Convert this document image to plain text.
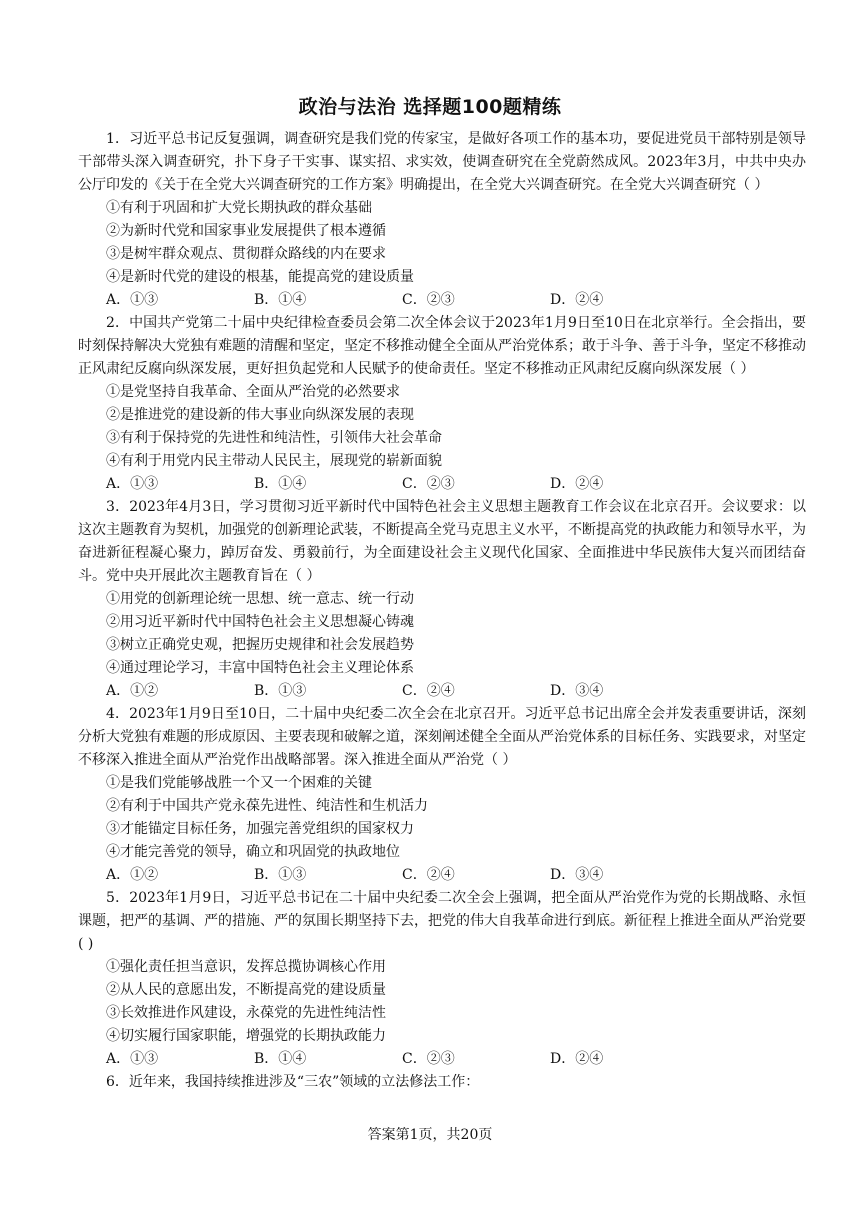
政治与法治 选择题100题精练

1．习近平总书记反复强调，调查研究是我们党的传家宝，是做好各项工作的基本功，要促进党员干部特别是领导干部带头深入调查研究，扑下身子干实事、谋实招、求实效，使调查研究在全党蔚然成风。2023年3月，中共中央办公厅印发的《关于在全党大兴调查研究的工作方案》明确提出，在全党大兴调查研究。在全党大兴调查研究（ ）

①有利于巩固和扩大党长期执政的群众基础

②为新时代党和国家事业发展提供了根本遵循

③是树牢群众观点、贯彻群众路线的内在要求

④是新时代党的建设的根基，能提高党的建设质量

A．①③	B．①④	C．②③	D．②④

2．中国共产党第二十届中央纪律检查委员会第二次全体会议于2023年1月9日至10日在北京举行。全会指出，要时刻保持解决大党独有难题的清醒和坚定，坚定不移推动健全全面从严治党体系；敢于斗争、善于斗争，坚定不移推动正风肃纪反腐向纵深发展，更好担负起党和人民赋予的使命责任。坚定不移推动正风肃纪反腐向纵深发展（ ）

①是党坚持自我革命、全面从严治党的必然要求

②是推进党的建设新的伟大事业向纵深发展的表现

③有利于保持党的先进性和纯洁性，引领伟大社会革命

④有利于用党内民主带动人民民主，展现党的崭新面貌

A．①③	B．①④	C．②③	D．②④

3．2023年4月3日，学习贯彻习近平新时代中国特色社会主义思想主题教育工作会议在北京召开。会议要求：以这次主题教育为契机，加强党的创新理论武装，不断提高全党马克思主义水平，不断提高党的执政能力和领导水平，为奋进新征程凝心聚力，踔厉奋发、勇毅前行，为全面建设社会主义现代化国家、全面推进中华民族伟大复兴而团结奋斗。党中央开展此次主题教育旨在（ ）

①用党的创新理论统一思想、统一意志、统一行动

②用习近平新时代中国特色社会主义思想凝心铸魂

③树立正确党史观，把握历史规律和社会发展趋势

④通过理论学习，丰富中国特色社会主义理论体系

A．①②	B．①③	C．②④	D．③④

4．2023年1月9日至10日，二十届中央纪委二次全会在北京召开。习近平总书记出席全会并发表重要讲话，深刻分析大党独有难题的形成原因、主要表现和破解之道，深刻阐述健全全面从严治党体系的目标任务、实践要求，对坚定不移深入推进全面从严治党作出战略部署。深入推进全面从严治党（ ）

①是我们党能够战胜一个又一个困难的关键

②有利于中国共产党永葆先进性、纯洁性和生机活力

③才能锚定目标任务，加强完善党组织的国家权力

④才能完善党的领导，确立和巩固党的执政地位

A．①②	B．①③	C．②④	D．③④

5．2023年1月9日，习近平总书记在二十届中央纪委二次全会上强调，把全面从严治党作为党的长期战略、永恒课题，把严的基调、严的措施、严的氛围长期坚持下去，把党的伟大自我革命进行到底。新征程上推进全面从严治党要( )

①强化责任担当意识，发挥总揽协调核心作用

②从人民的意愿出发，不断提高党的建设质量

③长效推进作风建设，永葆党的先进性纯洁性

④切实履行国家职能，增强党的长期执政能力

A．①③	B．①④	C．②③	D．②④

6．近年来，我国持续推进涉及“三农”领域的立法修法工作：

答案第1页，共20页
